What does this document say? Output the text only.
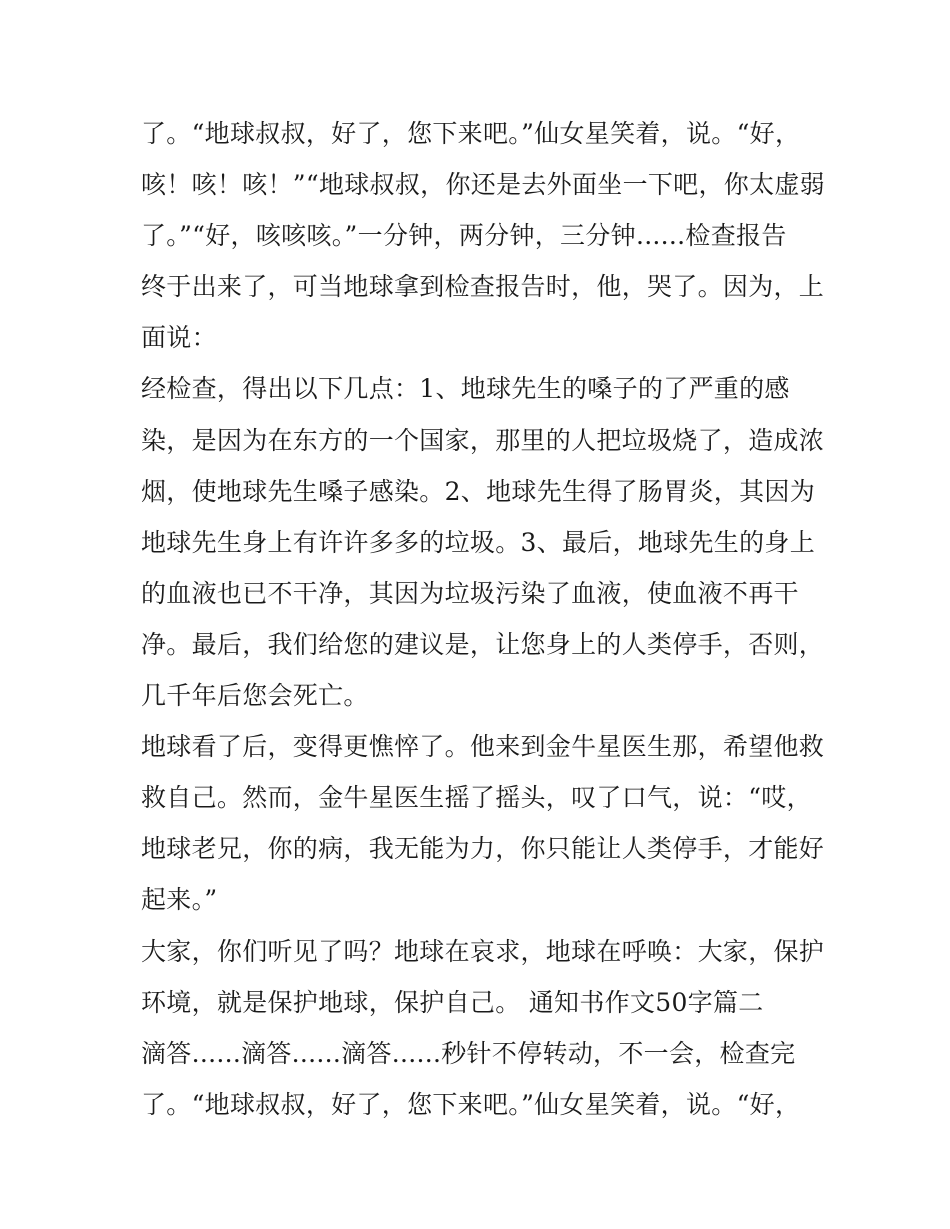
了。“地球叔叔，好了，您下来吧。”仙女星笑着，说。“好，
咳！咳！咳！”“地球叔叔，你还是去外面坐一下吧，你太虚弱
了。”“好，咳咳咳。”一分钟，两分钟，三分钟......检查报告
终于出来了，可当地球拿到检查报告时，他，哭了。因为，上
面说：
经检查，得出以下几点：1、地球先生的嗓子的了严重的感
染，是因为在东方的一个国家，那里的人把垃圾烧了，造成浓
烟，使地球先生嗓子感染。2、地球先生得了肠胃炎，其因为
地球先生身上有许许多多的垃圾。3、最后，地球先生的身上
的血液也已不干净，其因为垃圾污染了血液，使血液不再干
净。最后，我们给您的建议是，让您身上的人类停手，否则，
几千年后您会死亡。
地球看了后，变得更憔悴了。他来到金牛星医生那，希望他救
救自己。然而，金牛星医生摇了摇头，叹了口气，说：“哎，
地球老兄，你的病，我无能为力，你只能让人类停手，才能好
起来。”
大家，你们听见了吗？地球在哀求，地球在呼唤：大家，保护
环境，就是保护地球，保护自己。 通知书作文50字篇二
滴答......滴答......滴答......秒针不停转动，不一会，检查完
了。“地球叔叔，好了，您下来吧。”仙女星笑着，说。“好，
